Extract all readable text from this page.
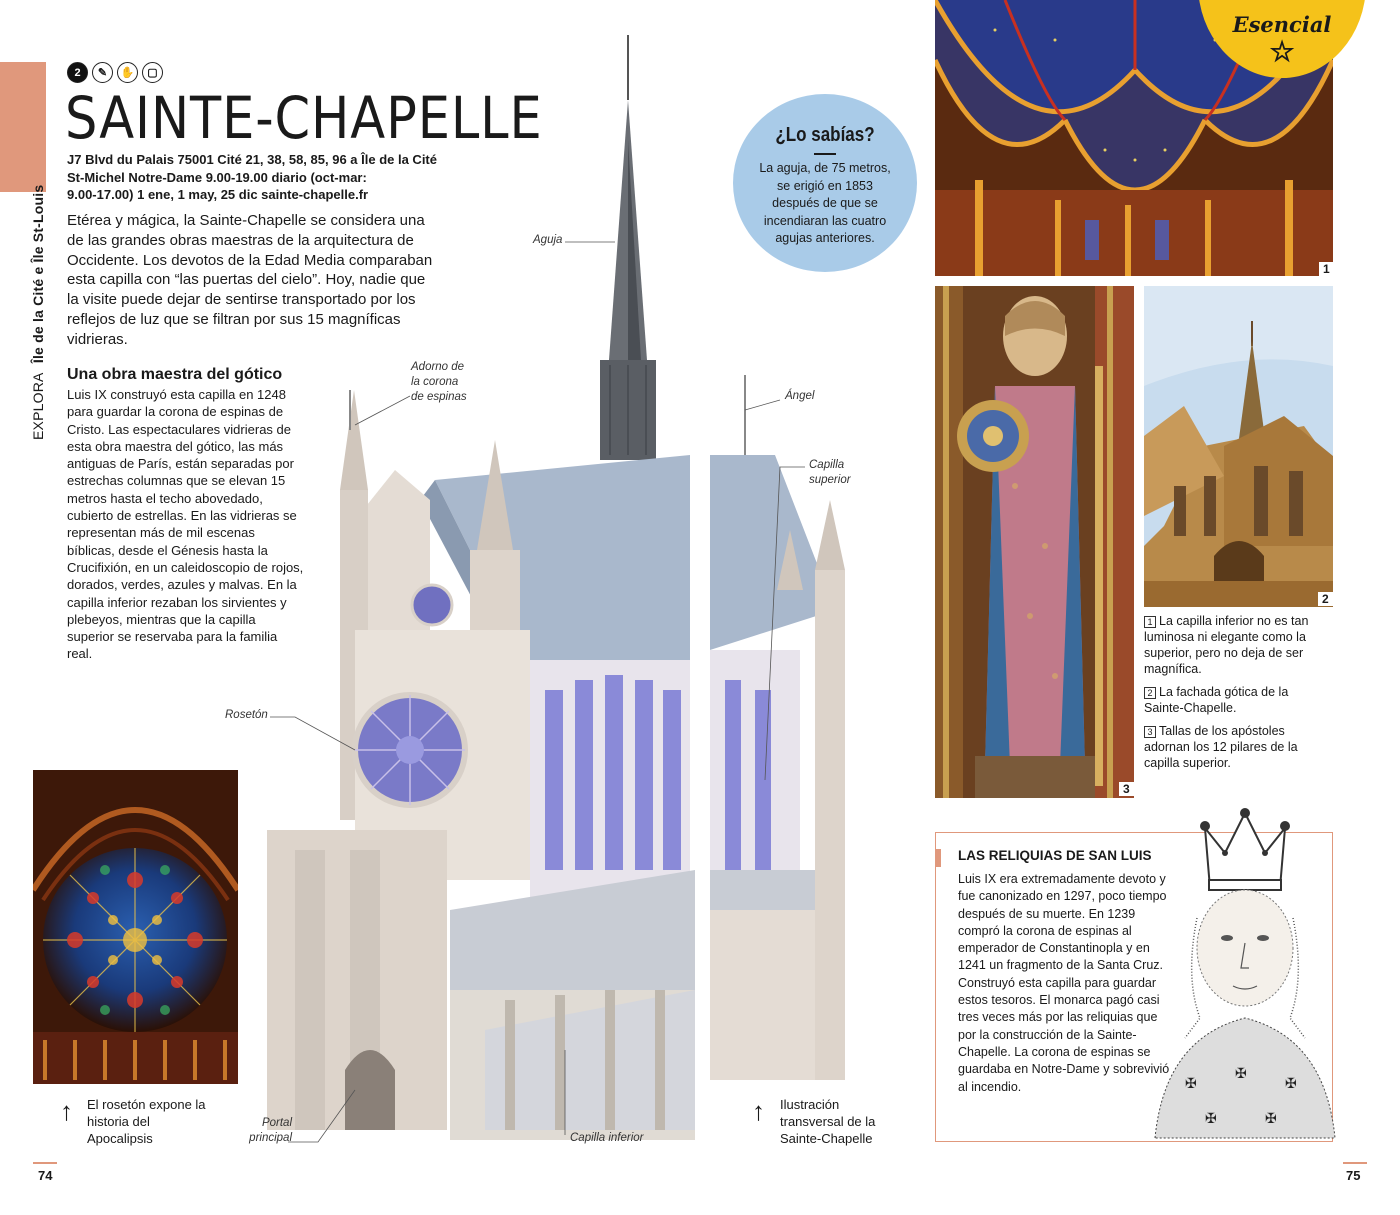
EXPLORA Île de la Cité e Île St-Louis
2	✎	✋	▢
SAINTE-CHAPELLE
J7 Blvd du Palais 75001 Cité 21, 38, 58, 85, 96 a Île de la Cité
St-Michel Notre-Dame 9.00-19.00 diario (oct-mar:
9.00-17.00) 1 ene, 1 may, 25 dic sainte-chapelle.fr

Etérea y mágica, la Sainte-Chapelle se considera una de las grandes obras maestras de la arquitectura de Occidente. Los devotos de la Edad Media comparaban esta capilla con “las puertas del cielo”. Hoy, nadie que la visite puede dejar de sentirse transportado por los reflejos de luz que se filtran por sus 15 magníficas vidrieras.

Una obra maestra del gótico

Luis IX construyó esta capilla en 1248 para guardar la corona de espinas de Cristo. Las espectaculares vidrieras de esta obra maestra del gótico, las más antiguas de París, están separadas por estrechas columnas que se elevan 15 metros hasta el techo abovedado, cubierto de estrellas. En las vidrieras se representan más de mil escenas bíblicas, desde el Génesis hasta la Crucifixión, en un caleidoscopio de rojos, dorados, verdes, azules y malvas. En la capilla inferior rezaban los sirvientes y plebeyos, mientras que la capilla superior se reservaba para la familia real.

↑ El rosetón expone la historia del Apocalipsis

Aguja
Adorno de la corona de espinas	Ángel
Capilla superior
Rosetón
Portal principal	Capilla inferior
↑ Ilustración transversal de la Sainte-Chapelle

¿Lo sabías?

La aguja, de 75 metros, se erigió en 1853 después de que se incendiaran las cuatro agujas anteriores.

1
Esencial
☆
3
2

1 La capilla inferior no es tan luminosa ni elegante como la superior, pero no deja de ser magnífica.

2 La fachada gótica de la Sainte-Chapelle.

3 Tallas de los apóstoles adornan los 12 pilares de la capilla superior.

LAS RELIQUIAS DE SAN LUIS

Luis IX era extremadamente devoto y fue canonizado en 1297, poco tiempo después de su muerte. En 1239 compró la corona de espinas al emperador de Constantinopla y en 1241 un fragmento de la Santa Cruz. Construyó esta capilla para guardar estos tesoros. El monarca pagó casi tres veces más por las reliquias que por la construcción de la Sainte-Chapelle. La corona de espinas se guardaba en Notre-Dame y sobrevivió al incendio.	✠
✠
✠
✠	✠
74	75
